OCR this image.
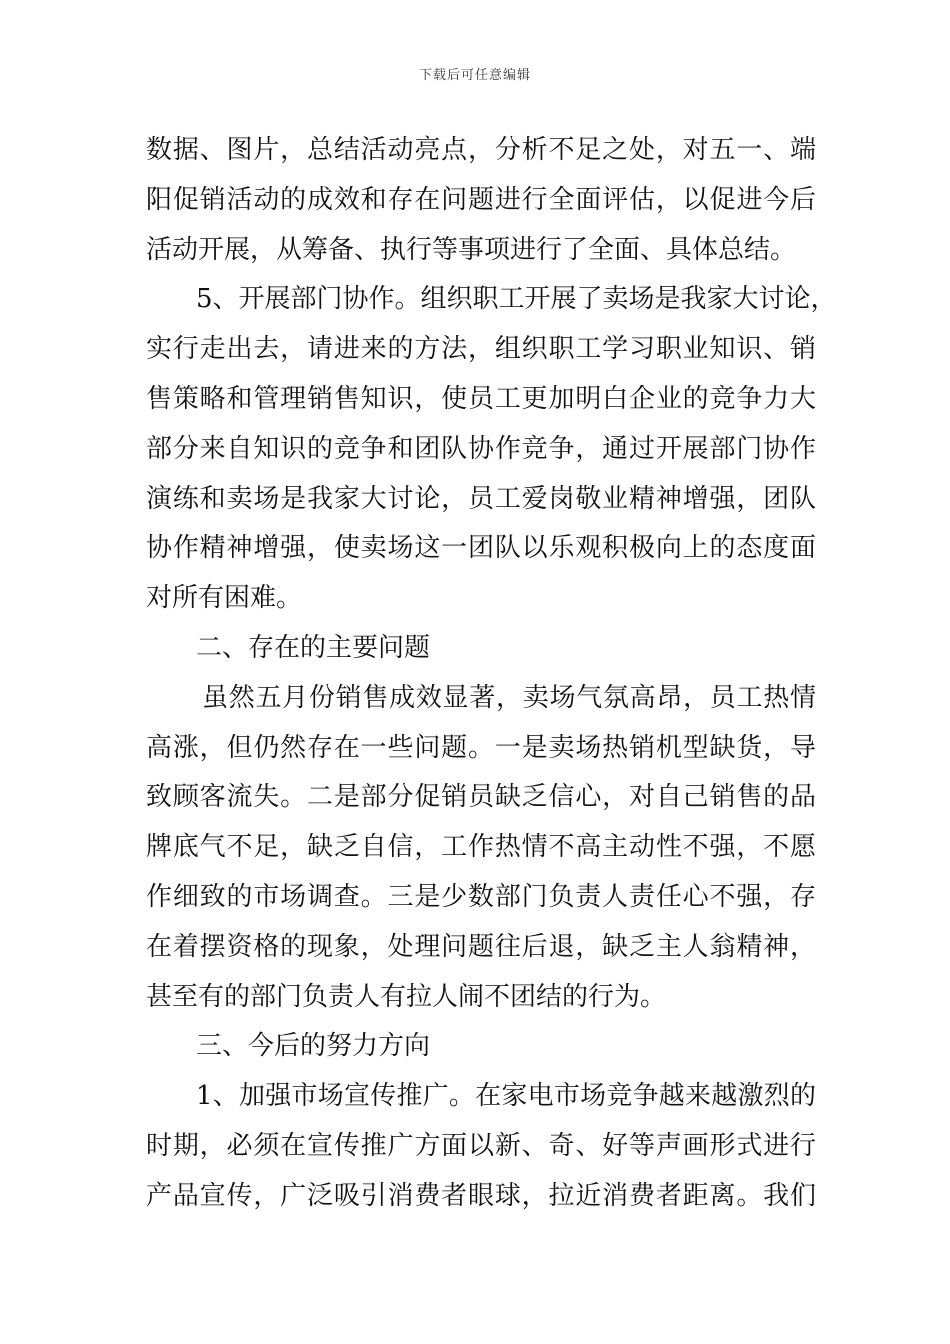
下载后可任意编辑
数据、图片，总结活动亮点，分析不足之处，对五一、端
阳促销活动的成效和存在问题进行全面评估，以促进今后
活动开展，从筹备、执行等事项进行了全面、具体总结。
5、开展部门协作。组织职工开展了卖场是我家大讨论，
实行走出去，请进来的方法，组织职工学习职业知识、销
售策略和管理销售知识，使员工更加明白企业的竞争力大
部分来自知识的竞争和团队协作竞争，通过开展部门协作
演练和卖场是我家大讨论，员工爱岗敬业精神增强，团队
协作精神增强，使卖场这一团队以乐观积极向上的态度面
对所有困难。
二、存在的主要问题
虽然五月份销售成效显著，卖场气氛高昂，员工热情
高涨，但仍然存在一些问题。一是卖场热销机型缺货，导
致顾客流失。二是部分促销员缺乏信心，对自己销售的品
牌底气不足，缺乏自信，工作热情不高主动性不强，不愿
作细致的市场调查。三是少数部门负责人责任心不强，存
在着摆资格的现象，处理问题往后退，缺乏主人翁精神，
甚至有的部门负责人有拉人闹不团结的行为。
三、今后的努力方向
1、加强市场宣传推广。在家电市场竞争越来越激烈的
时期，必须在宣传推广方面以新、奇、好等声画形式进行
产品宣传，广泛吸引消费者眼球，拉近消费者距离。我们
